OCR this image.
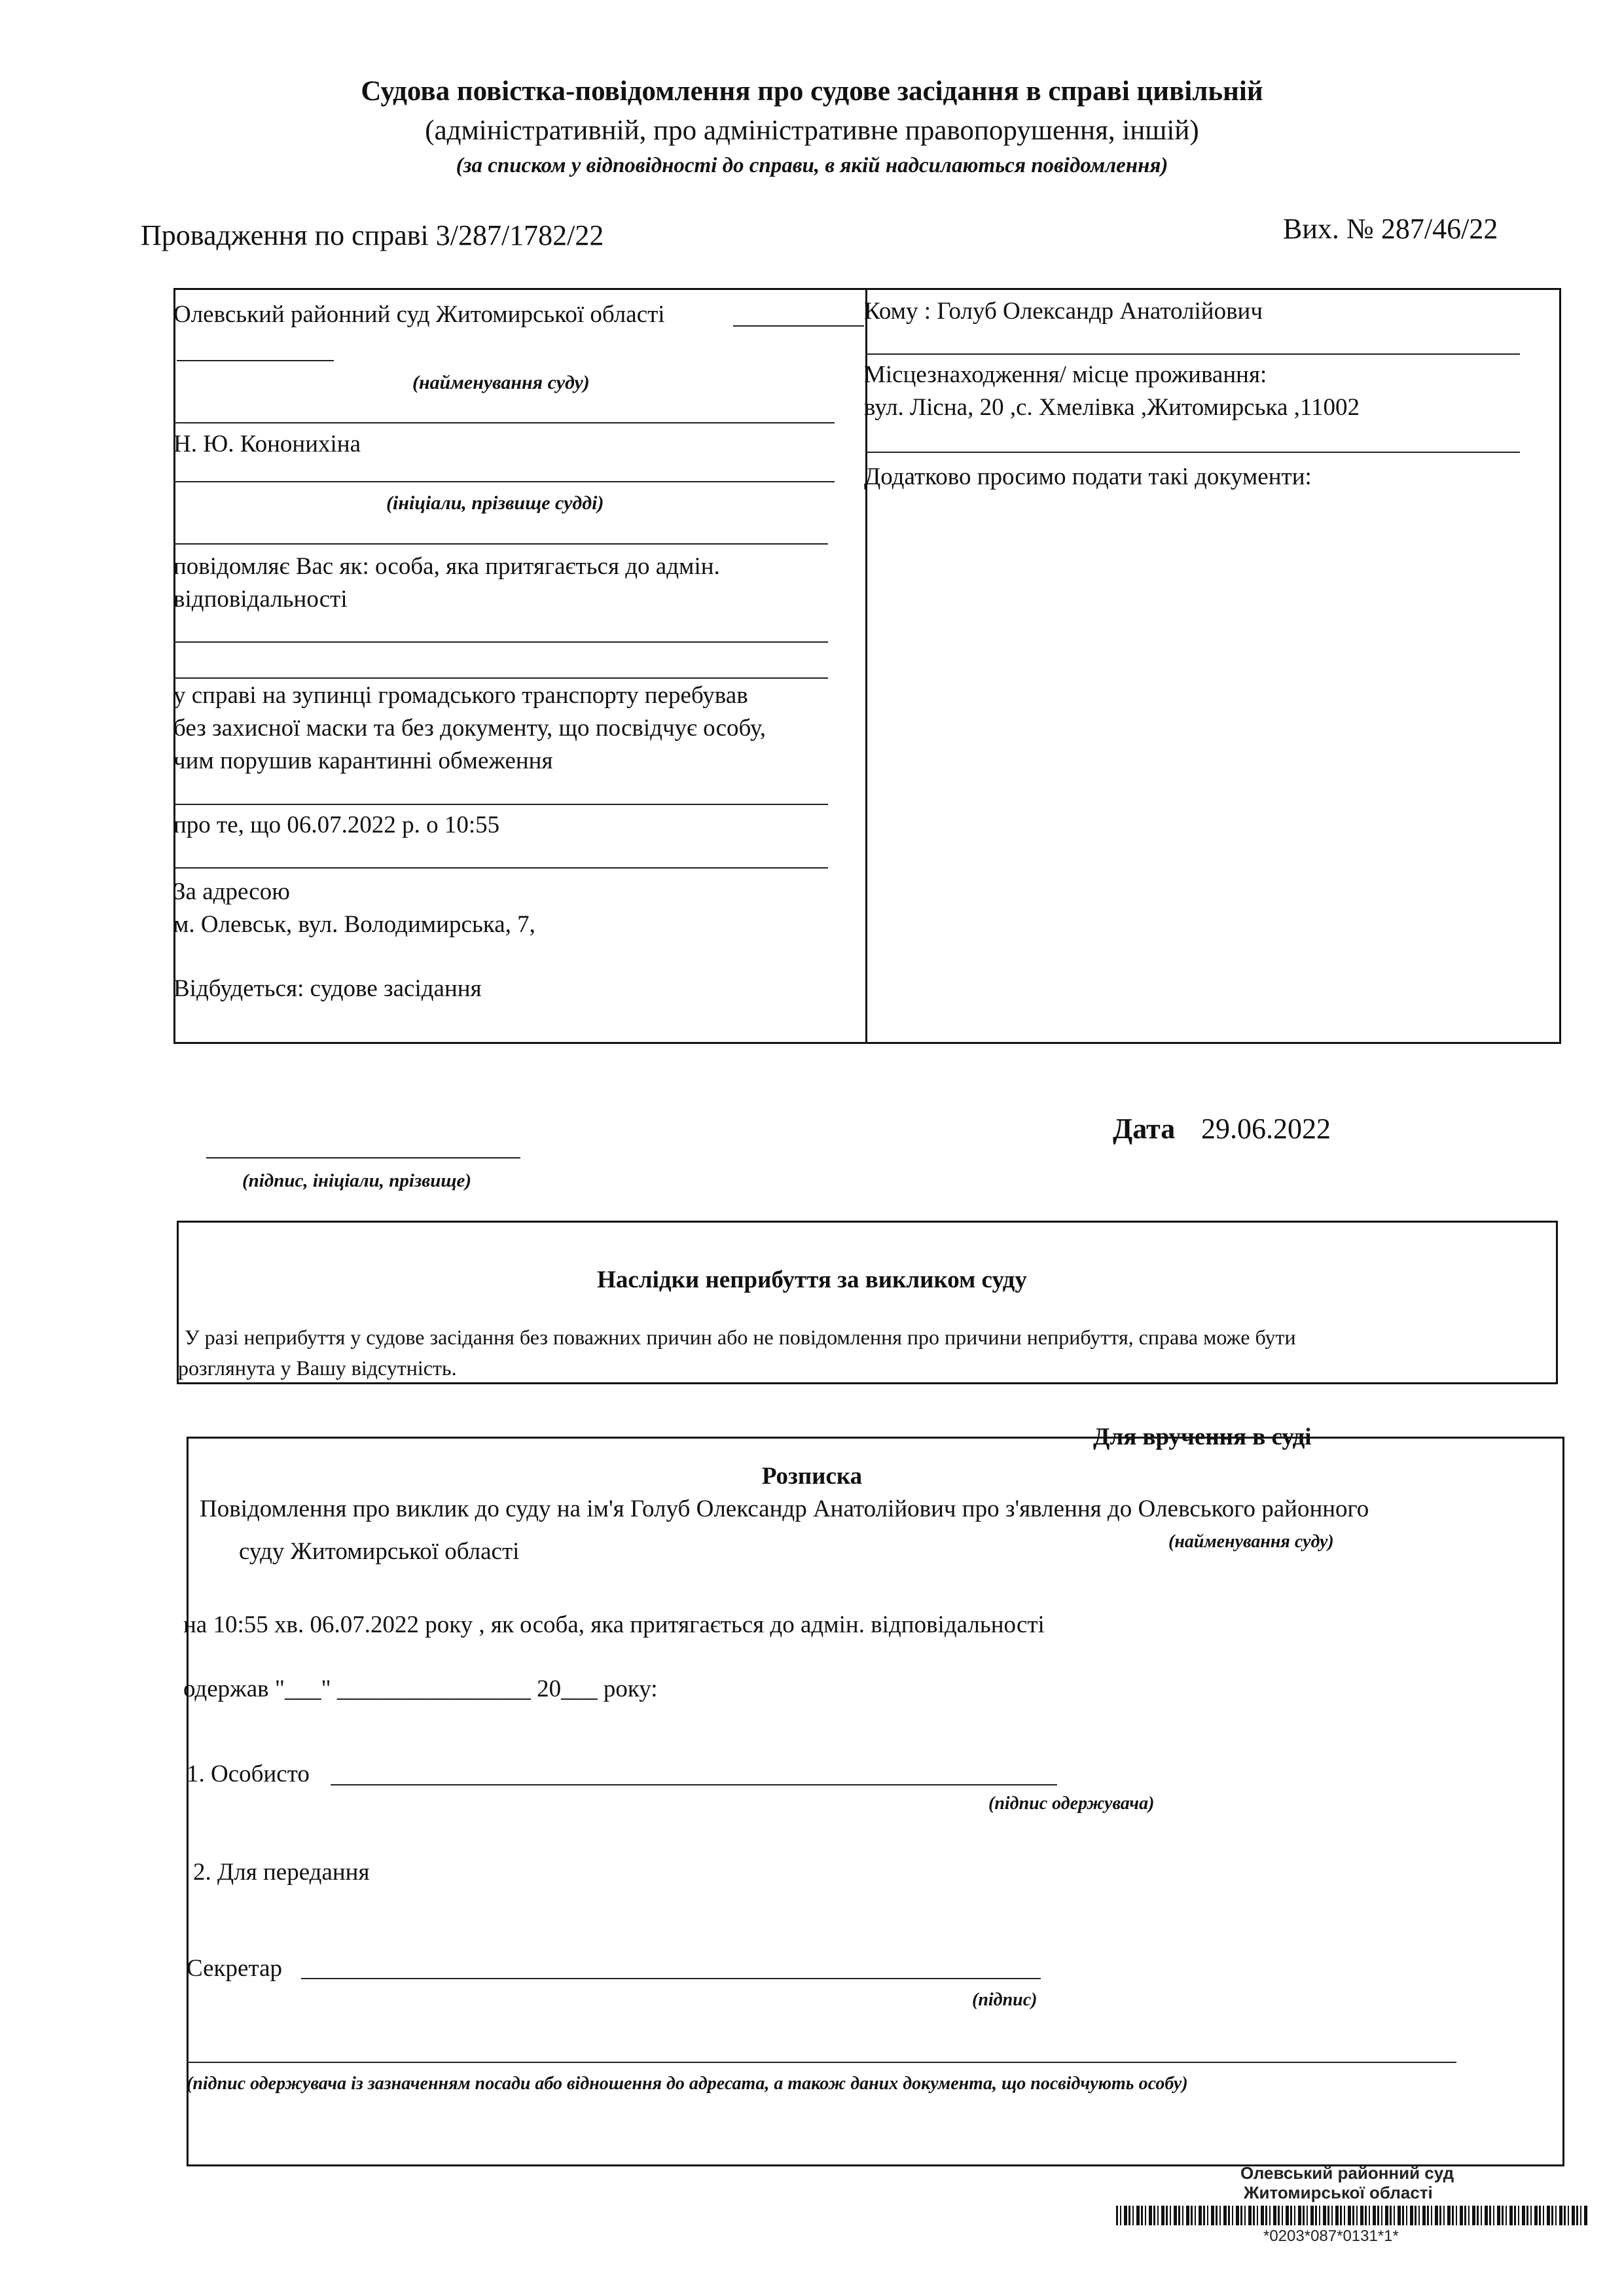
Судова повістка-повідомлення про судове засідання в справі цивільній
(адміністративній, про адміністративне правопорушення, іншій)
(за списком у відповідності до справи, в якій надсилаються повідомлення)
Провадження по справі 3/287/1782/22	Вих. № 287/46/22
Олевський районний суд Житомирської області
(найменування суду)
Н. Ю. Кононихіна
(ініціали, прізвище судді)
повідомляє Вас як: особа, яка притягається до адмін.
відповідальності
у справі на зупинці громадського транспорту перебував
без захисної маски та без документу, що посвідчує особу,
чим порушив карантинні обмеження
про те, що 06.07.2022 р. о 10:55
За адресою
м. Олевськ, вул. Володимирська, 7,
Відбудеться: судове засідання
Кому : Голуб Олександр Анатолійович
Місцезнаходження/ місце проживання:
вул. Лісна, 20 ,с. Хмелівка ,Житомирська ,11002
Додатково просимо подати такі документи:
(підпис, ініціали, прізвище)
Дата 29.06.2022
Наслідки неприбуття за викликом суду
У разі неприбуття у судове засідання без поважних причин або не повідомлення про причини неприбуття, справа може бути
розглянута у Вашу відсутність.
Для вручення в суді
Розписка
Повідомлення про виклик до суду на ім'я Голуб Олександр Анатолійович про з'явлення до Олевського районного
(найменування суду)
суду Житомирської області
на 10:55 хв. 06.07.2022 року , як особа, яка притягається до адмін. відповідальності
одержав "___" ________________ 20___ року:
1. Особисто
(підпис одержувача)
2. Для передання
Секретар
(підпис)
(підпис одержувача із зазначенням посади або відношення до адресата, а також даних документа, що посвідчують особу)
Олевський районний суд
Житомирської області
*0203*087*0131*1*
